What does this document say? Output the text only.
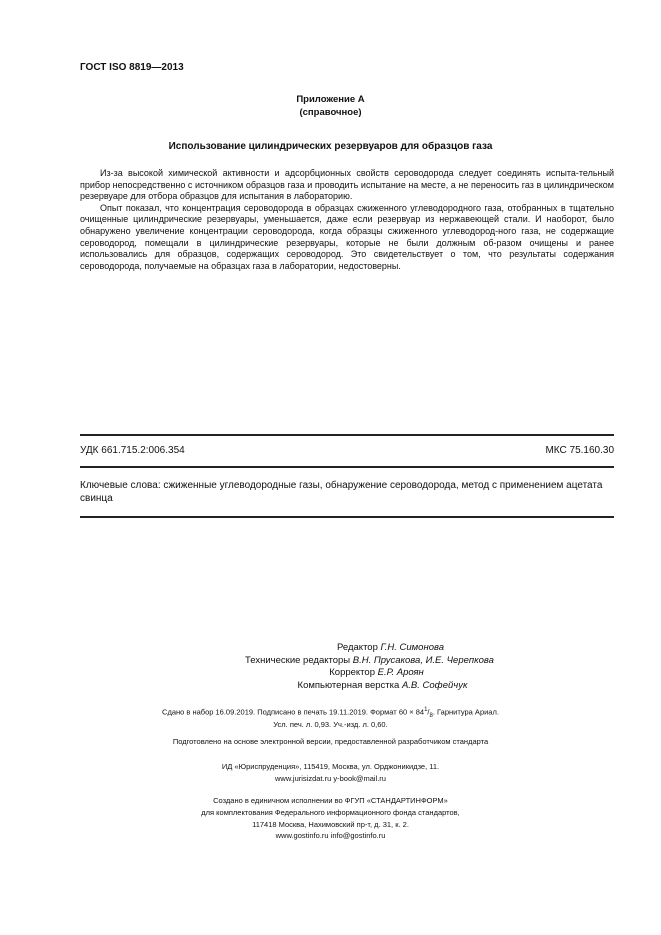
ГОСТ ISO 8819—2013
Приложение А
(справочное)
Использование цилиндрических резервуаров для образцов газа

Из-за высокой химической активности и адсорбционных свойств сероводорода следует соединять испыта-тельный прибор непосредственно с источником образцов газа и проводить испытание на месте, а не переносить газ в цилиндрическом резервуаре для отбора образцов для испытания в лабораторию.

Опыт показал, что концентрация сероводорода в образцах сжиженного углеводородного газа, отобранных в тщательно очищенные цилиндрические резервуары, уменьшается, даже если резервуар из нержавеющей стали. И наоборот, было обнаружено увеличение концентрации сероводорода, когда образцы сжиженного углеводород-ного газа, не содержащие сероводород, помещали в цилиндрические резервуары, которые не были должным об-разом очищены и ранее использовались для образцов, содержащих сероводород. Это свидетельствует о том, что результаты содержания сероводорода, получаемые на образцах газа в лаборатории, недостоверны.

УДК 661.715.2:006.354	МКС 75.160.30
Ключевые слова: сжиженные углеводородные газы, обнаружение сероводорода, метод с применением ацетата свинца
Редактор Г.Н. Симонова
Технические редакторы В.Н. Прусакова, И.Е. Черепкова
Корректор Е.Р. Ароян
Компьютерная верстка А.В. Софейчук
Сдано в набор 16.09.2019. Подписано в печать 19.11.2019. Формат $60 \times 84^1/_8$. Гарнитура Ариал.
Усл. печ. л. 0,93. Уч.-изд. л. 0,60.
Подготовлено на основе электронной версии, предоставленной разработчиком стандарта
ИД «Юриспруденция», 115419, Москва, ул. Орджоникидзе, 11.
www.jurisizdat.ru y-book@mail.ru
Создано в единичном исполнении во ФГУП «СТАНДАРТИНФОРМ»
для комплектования Федерального информационного фонда стандартов,
117418 Москва, Нахимовский пр-т, д. 31, к. 2.
www.gostinfo.ru info@gostinfo.ru
